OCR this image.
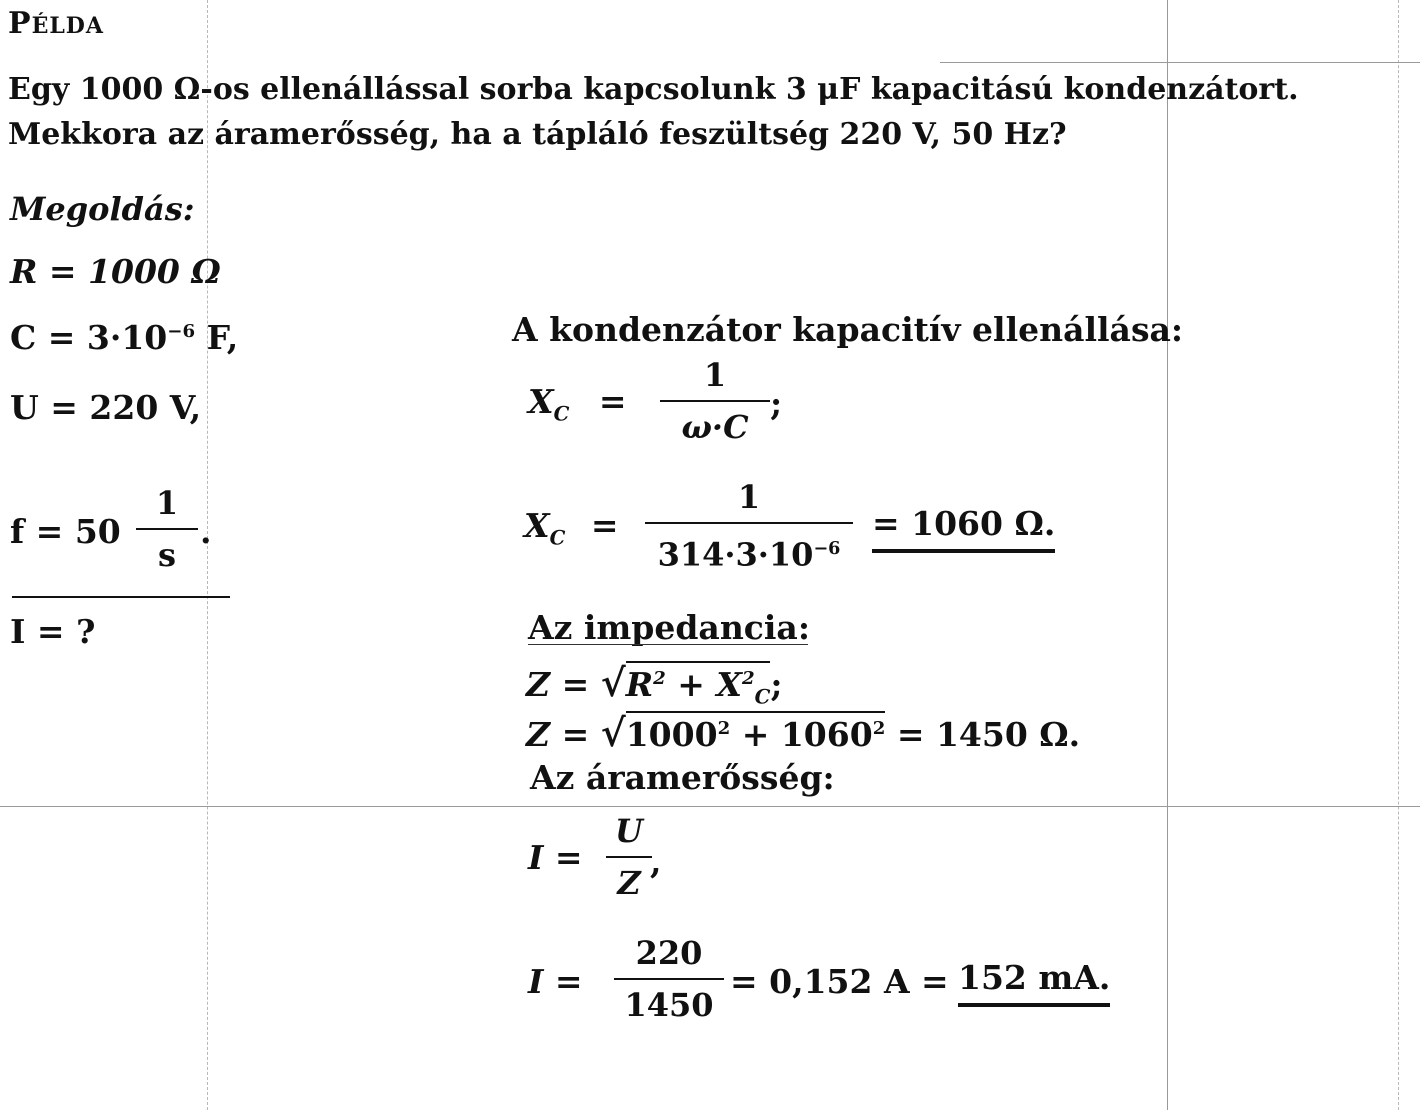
PÉLDA
Egy 1000 Ω-os ellenállással sorba kapcsolunk 3 μF kapacitású kondenzátort.
Mekkora az áramerősség, ha a tápláló feszültség 220 V, 50 Hz?
Megoldás:
R = 1000 Ω
$C = 3\cdot 10^{-6}$ F,
U = 220 V,
f = 50
1
s
.
I = ?
A kondenzátor kapacitív ellenállása:
$X_C$ =
1
ω·C
;
$X_C$ =
1
$314\cdot 3\cdot 10^{-6}$
= 1060 Ω.
Az impedancia:
$Z = √R^2 + X^2_C$;
$Z = √1000^2 + 1060^2 = 1450$ Ω.
Az áramerősség:
I =
U
Z
,
I =
220
1450
= 0,152 A = 152 mA.
